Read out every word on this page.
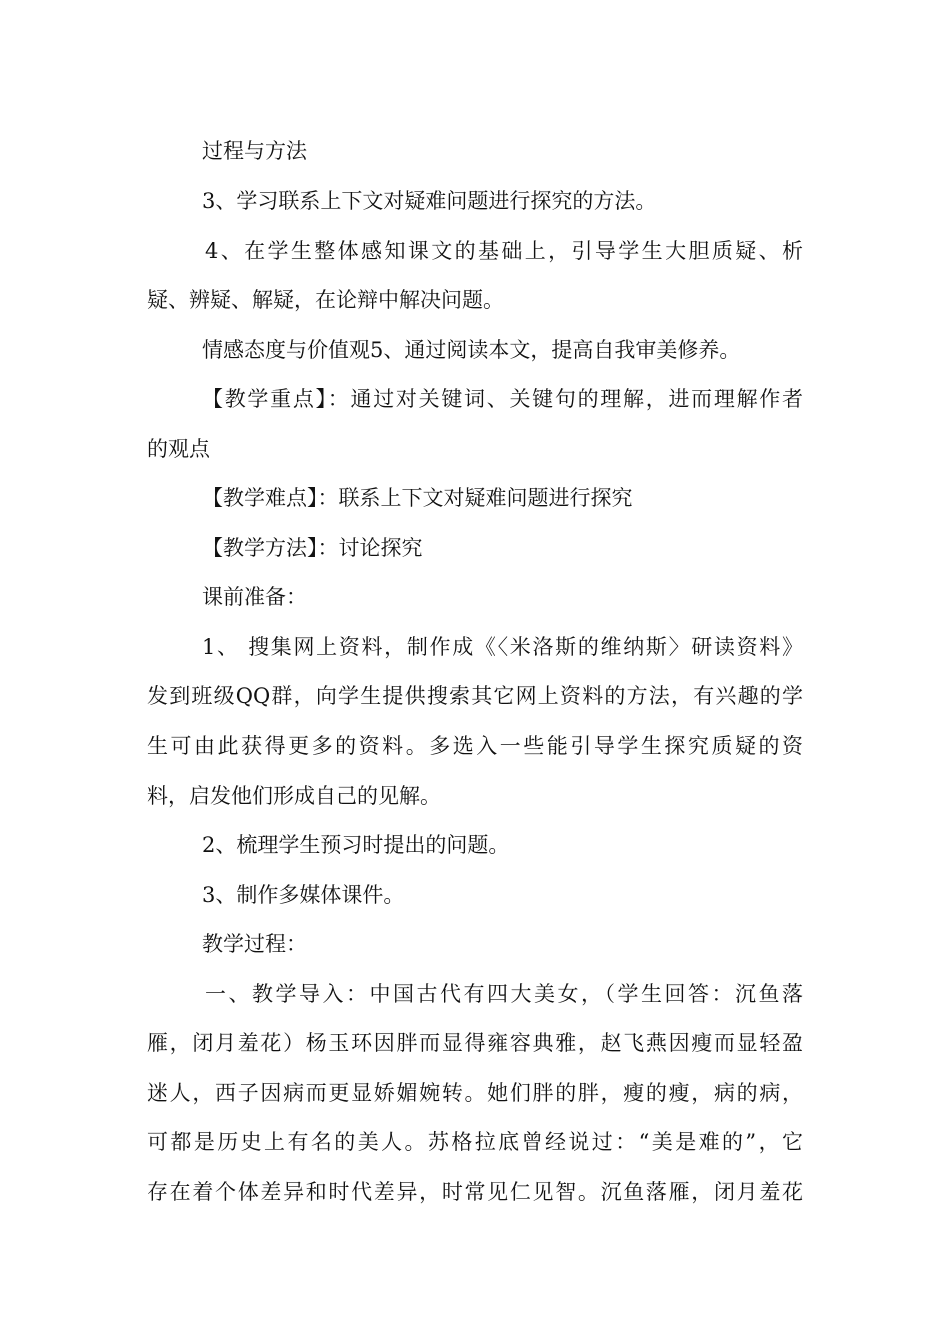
过程与方法
3、学习联系上下文对疑难问题进行探究的方法。
4、在学生整体感知课文的基础上，引导学生大胆质疑、析
疑、辨疑、解疑，在论辩中解决问题。
情感态度与价值观5、通过阅读本文，提高自我审美修养。
【教学重点】：通过对关键词、关键句的理解，进而理解作者
的观点
【教学难点】：联系上下文对疑难问题进行探究
【教学方法】：讨论探究
课前准备：
1、 搜集网上资料，制作成《〈米洛斯的维纳斯〉研读资料》
发到班级QQ群，向学生提供搜索其它网上资料的方法，有兴趣的学
生可由此获得更多的资料。多选入一些能引导学生探究质疑的资
料，启发他们形成自己的见解。
2、梳理学生预习时提出的问题。
3、制作多媒体课件。
教学过程：
一、教学导入：中国古代有四大美女，（学生回答：沉鱼落
雁，闭月羞花）杨玉环因胖而显得雍容典雅，赵飞燕因瘦而显轻盈
迷人，西子因病而更显娇媚婉转。她们胖的胖，瘦的瘦，病的病，
可都是历史上有名的美人。苏格拉底曾经说过：“美是难的”，它
存在着个体差异和时代差异，时常见仁见智。沉鱼落雁，闭月羞花
